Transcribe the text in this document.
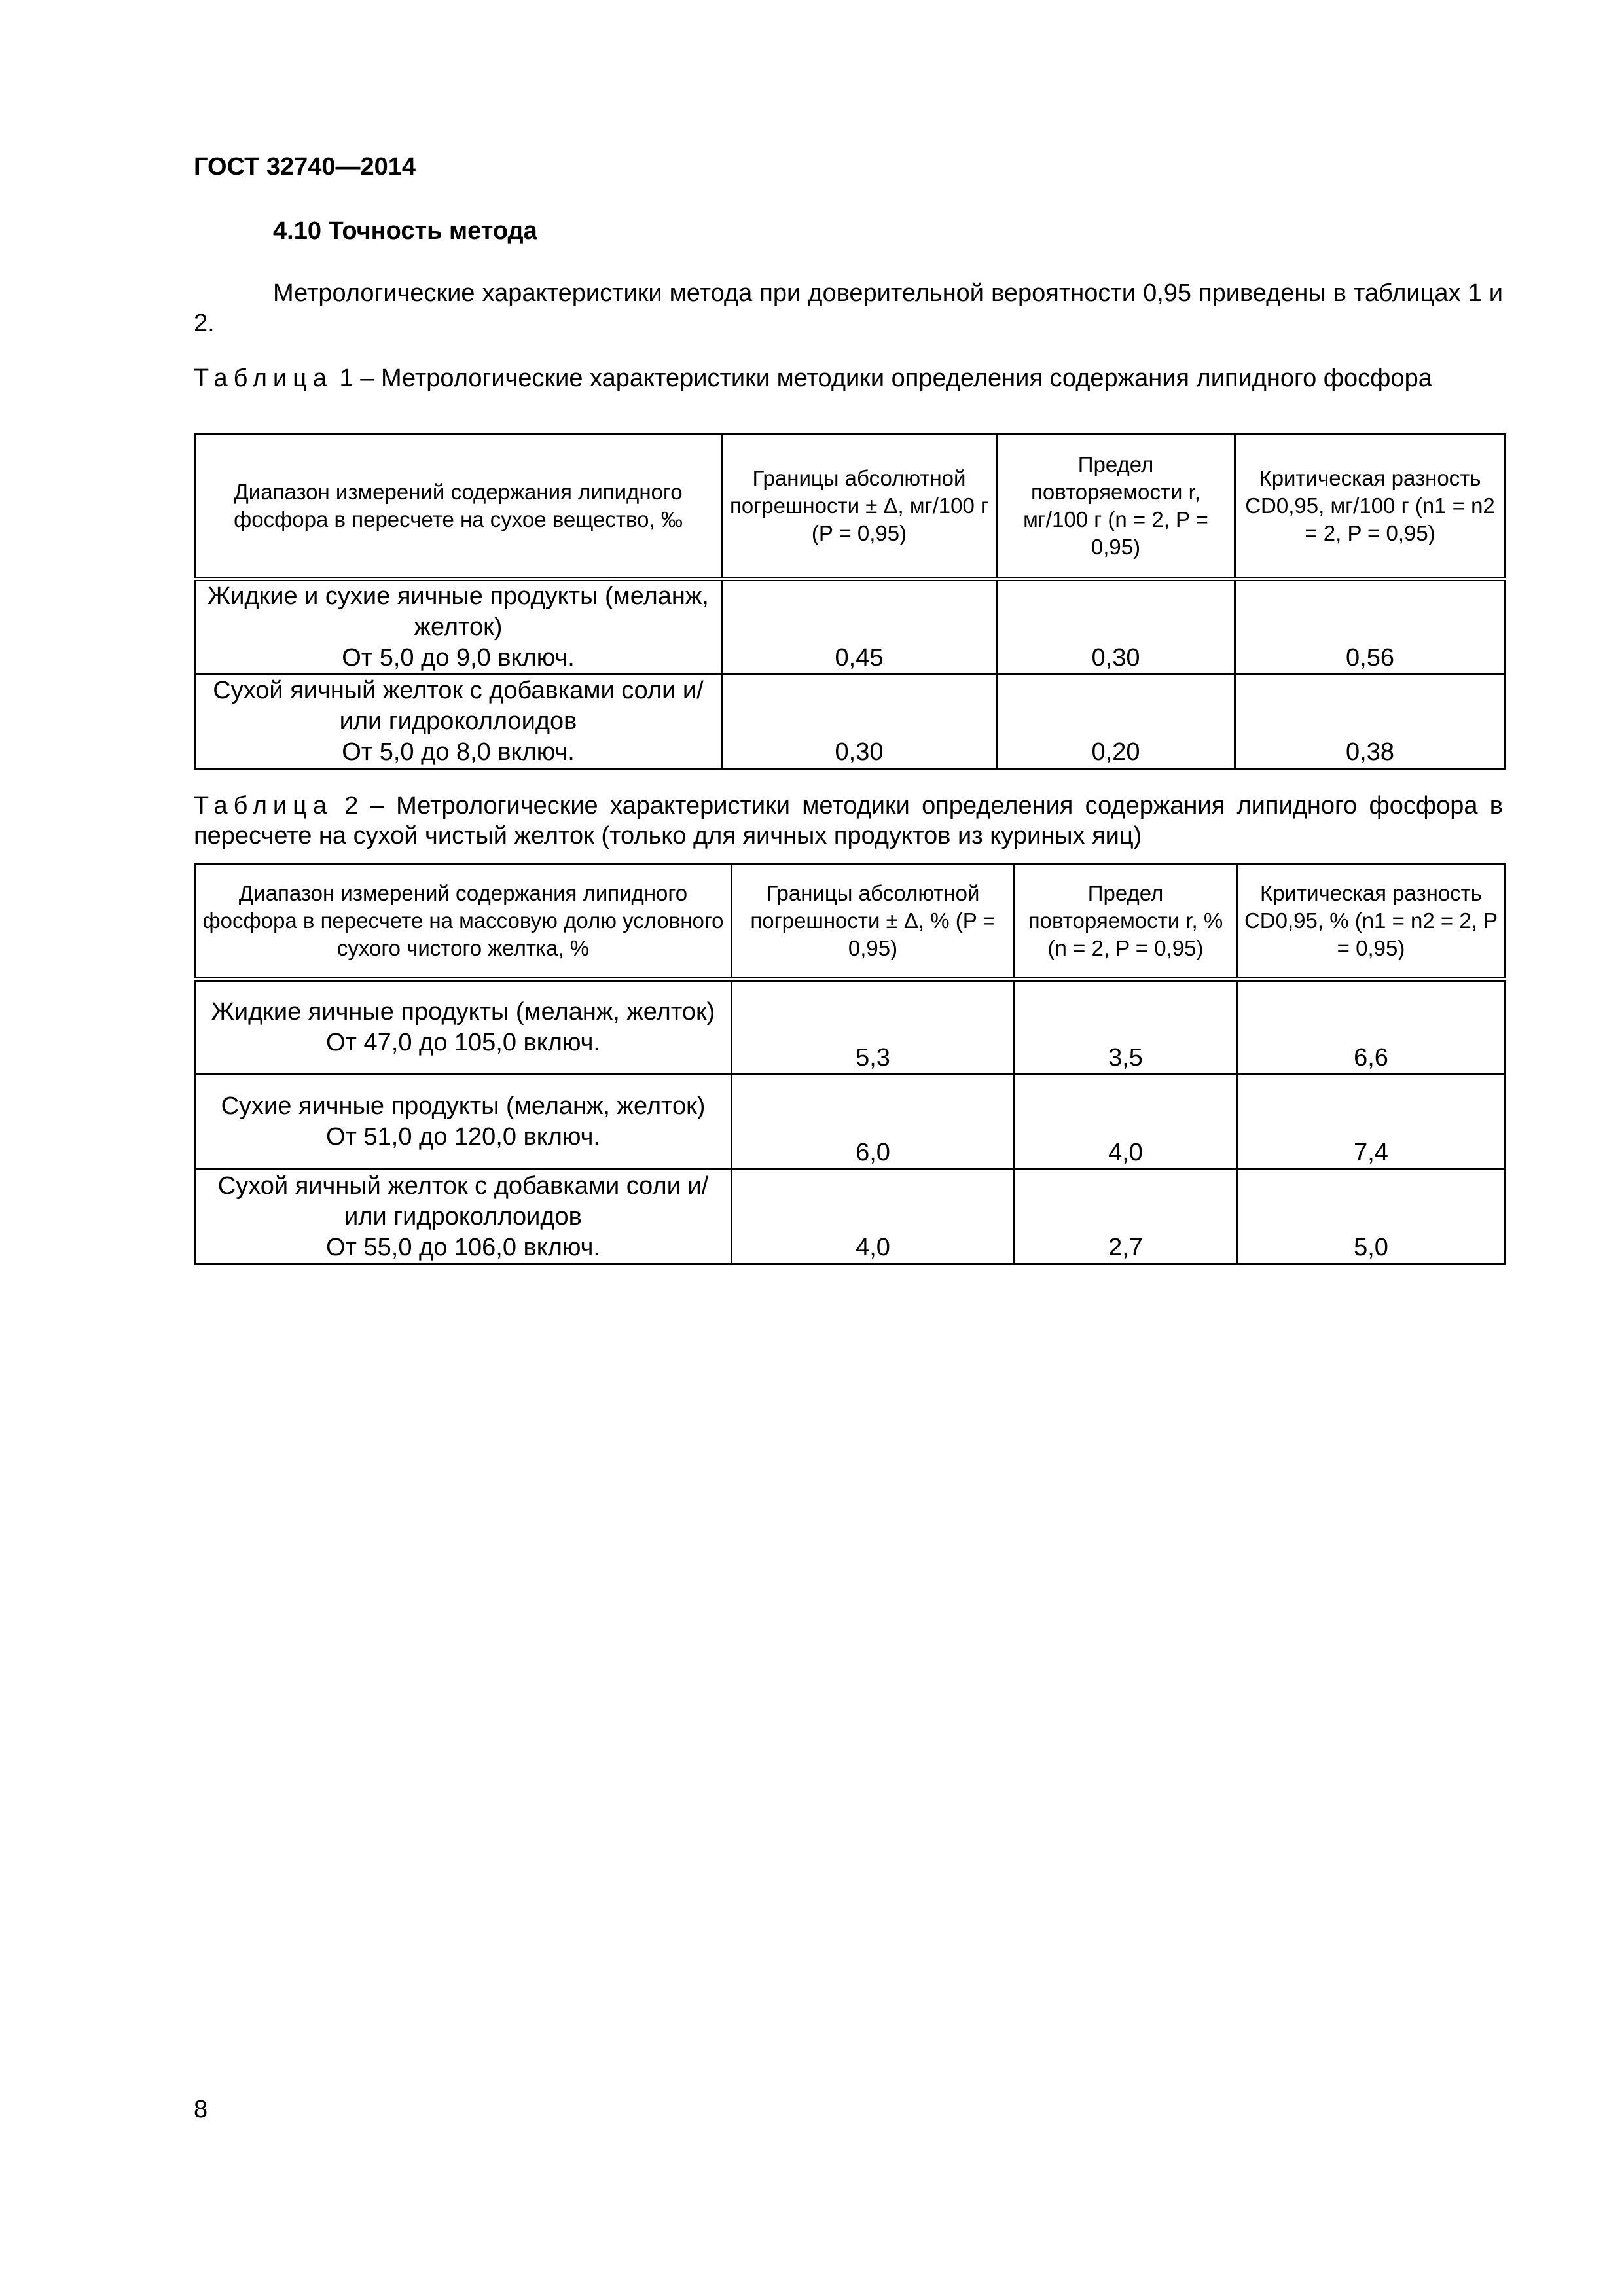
ГОСТ 32740—2014
4.10 Точность метода
Метрологические характеристики метода при доверительной вероятности 0,95 приведены в таблицах 1 и 2.
Таблица 1 – Метрологические характеристики методики определения содержания липидного фосфора
Диапазон измерений содержания липидного фосфора в пересчете на сухое вещество, ‰	Границы абсолютной погрешности ± Δ, мг/100 г (P = 0,95)	Предел повторяемости r, мг/100 г (n = 2, P = 0,95)	Критическая разность CD0,95, мг/100 г (n1 = n2 = 2, P = 0,95)

Жидкие и сухие яичные продукты (меланж, желток)
От 5,0 до 9,0 включ.	0,45	0,30	0,56

Сухой яичный желток с добавками соли и/или гидроколлоидов
От 5,0 до 8,0 включ.	0,30	0,20	0,38
Таблица 2 – Метрологические характеристики методики определения содержания липидного фосфора в пересчете на сухой чистый желток (только для яичных продуктов из куриных яиц)
Диапазон измерений содержания липидного фосфора в пересчете на массовую долю условного сухого чистого желтка, %	Границы абсолютной погрешности ± Δ, % (P = 0,95)	Предел повторяемости r, % (n = 2, P = 0,95)	Критическая разность CD0,95, % (n1 = n2 = 2, P = 0,95)

Жидкие яичные продукты (меланж, желток)
От 47,0 до 105,0 включ.	5,3	3,5	6,6

Сухие яичные продукты (меланж, желток)
От 51,0 до 120,0 включ.	6,0	4,0	7,4

Сухой яичный желток с добавками соли и/или гидроколлоидов
От 55,0 до 106,0 включ.	4,0	2,7	5,0
8
